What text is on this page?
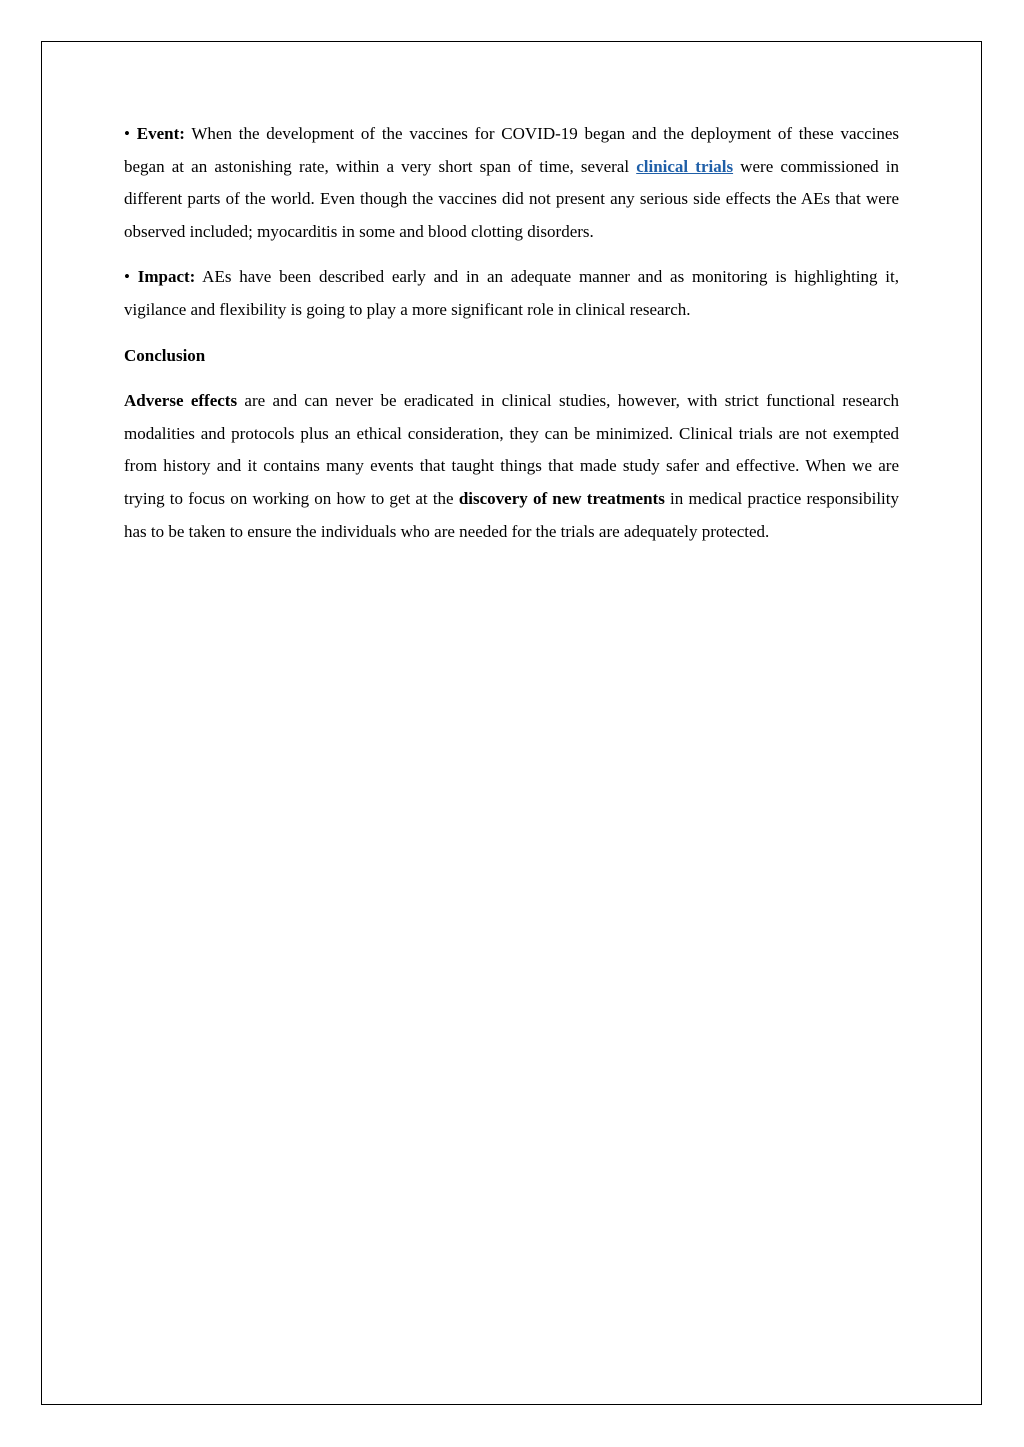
• Event: When the development of the vaccines for COVID-19 began and the deployment of these vaccines began at an astonishing rate, within a very short span of time, several clinical trials were commissioned in different parts of the world. Even though the vaccines did not present any serious side effects the AEs that were observed included; myocarditis in some and blood clotting disorders.

• Impact: AEs have been described early and in an adequate manner and as monitoring is highlighting it, vigilance and flexibility is going to play a more significant role in clinical research.

Conclusion

Adverse effects are and can never be eradicated in clinical studies, however, with strict functional research modalities and protocols plus an ethical consideration, they can be minimized. Clinical trials are not exempted from history and it contains many events that taught things that made study safer and effective. When we are trying to focus on working on how to get at the discovery of new treatments in medical practice responsibility has to be taken to ensure the individuals who are needed for the trials are adequately protected.
